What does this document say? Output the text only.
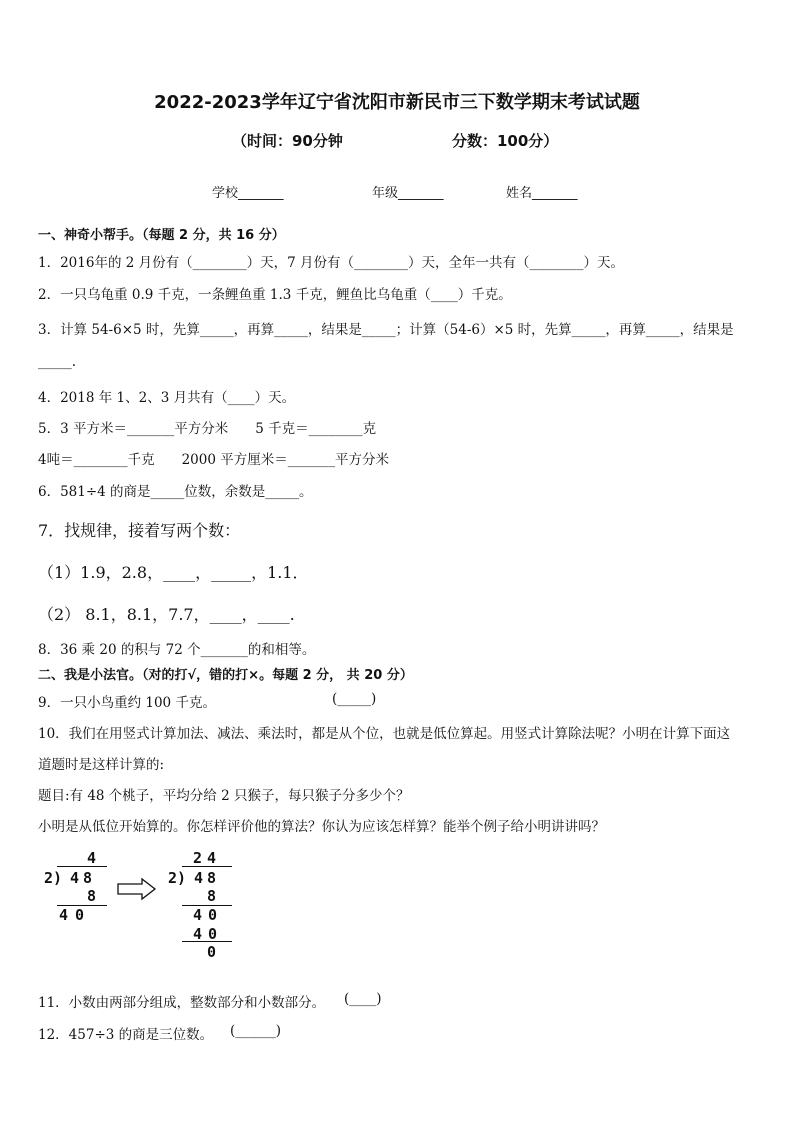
2022-2023学年辽宁省沈阳市新民市三下数学期末考试试题
（时间：90分钟	分数：100分）
学校_______	年级_______	姓名_______
一、神奇小帮手。（每题 2 分，共 16 分）
1．2016年的 2 月份有（________）天，7 月份有（________）天，全年一共有（________）天。
2．一只乌龟重 0.9 千克，一条鲤鱼重 1.3 千克，鲤鱼比乌龟重（____）千克。
3．计算 54-6×5 时，先算_____，再算_____，结果是_____；计算（54-6）×5 时，先算_____，再算_____，结果是
_____.
4．2018 年 1、2、3 月共有（____）天。
5．3 平方米＝_______平方分米　　5 千克＝________克
4吨＝________千克　　2000 平方厘米＝_______平方分米
6．581÷4 的商是_____位数，余数是_____。
7．找规律，接着写两个数：
（1）1.9，2.8，____，_____，1.1．
（2） 8.1，8.1，7.7，____，____.
8．36 乘 20 的积与 72 个_______的和相等。
二、我是小法官。（对的打√，错的打×。每题 2 分， 共 20 分）
9．一只小鸟重约 100 千克。	(_____)
10．我们在用竖式计算加法、减法、乘法时，都是从个位，也就是低位算起。用竖式计算除法呢？小明在计算下面这
道题时是这样计算的:
题目:有 48 个桃子，平均分给 2 只猴子，每只猴子分多少个？
小明是从低位开始算的。你怎样评价他的算法？你认为应该怎样算？能举个例子给小明讲讲吗？
4
2) 48
8
40
24
2) 48
8
40
40
0
11．小数由两部分组成，整数部分和小数部分。 (____)
12．457÷3 的商是三位数。 (______)
